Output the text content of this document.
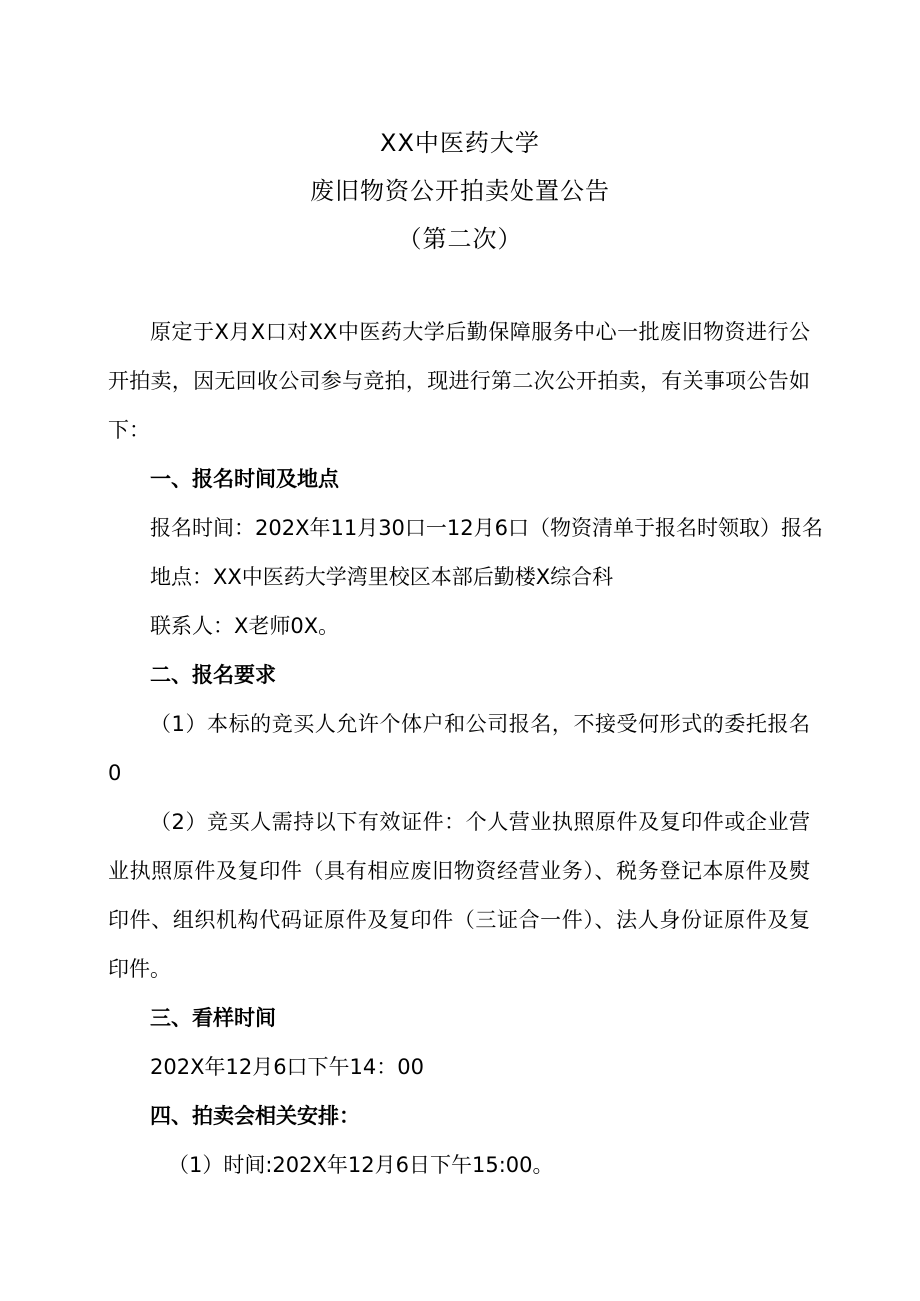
XX中医药大学
废旧物资公开拍卖处置公告
（第二次）
原定于X月X口对XX中医药大学后勤保障服务中心一批废旧物资进行公
开拍卖，因无回收公司参与竞拍，现进行第二次公开拍卖，有关事项公告如
下：
一、报名时间及地点
报名时间：202X年11月30口一12月6口（物资清单于报名时领取）报名
地点：XX中医药大学湾里校区本部后勤楼X综合科
联系人：X老师0X。
二、报名要求
（1）本标的竞买人允许个体户和公司报名，不接受何形式的委托报名
0
（2）竞买人需持以下有效证件：个人营业执照原件及复印件或企业营
业执照原件及复印件（具有相应废旧物资经营业务）、税务登记本原件及熨
印件、组织机构代码证原件及复印件（三证合一件）、法人身份证原件及复
印件。
三、看样时间
202X年12月6口下午14：00
四、拍卖会相关安排：
（1）时间:202X年12月6日下午15:00。
